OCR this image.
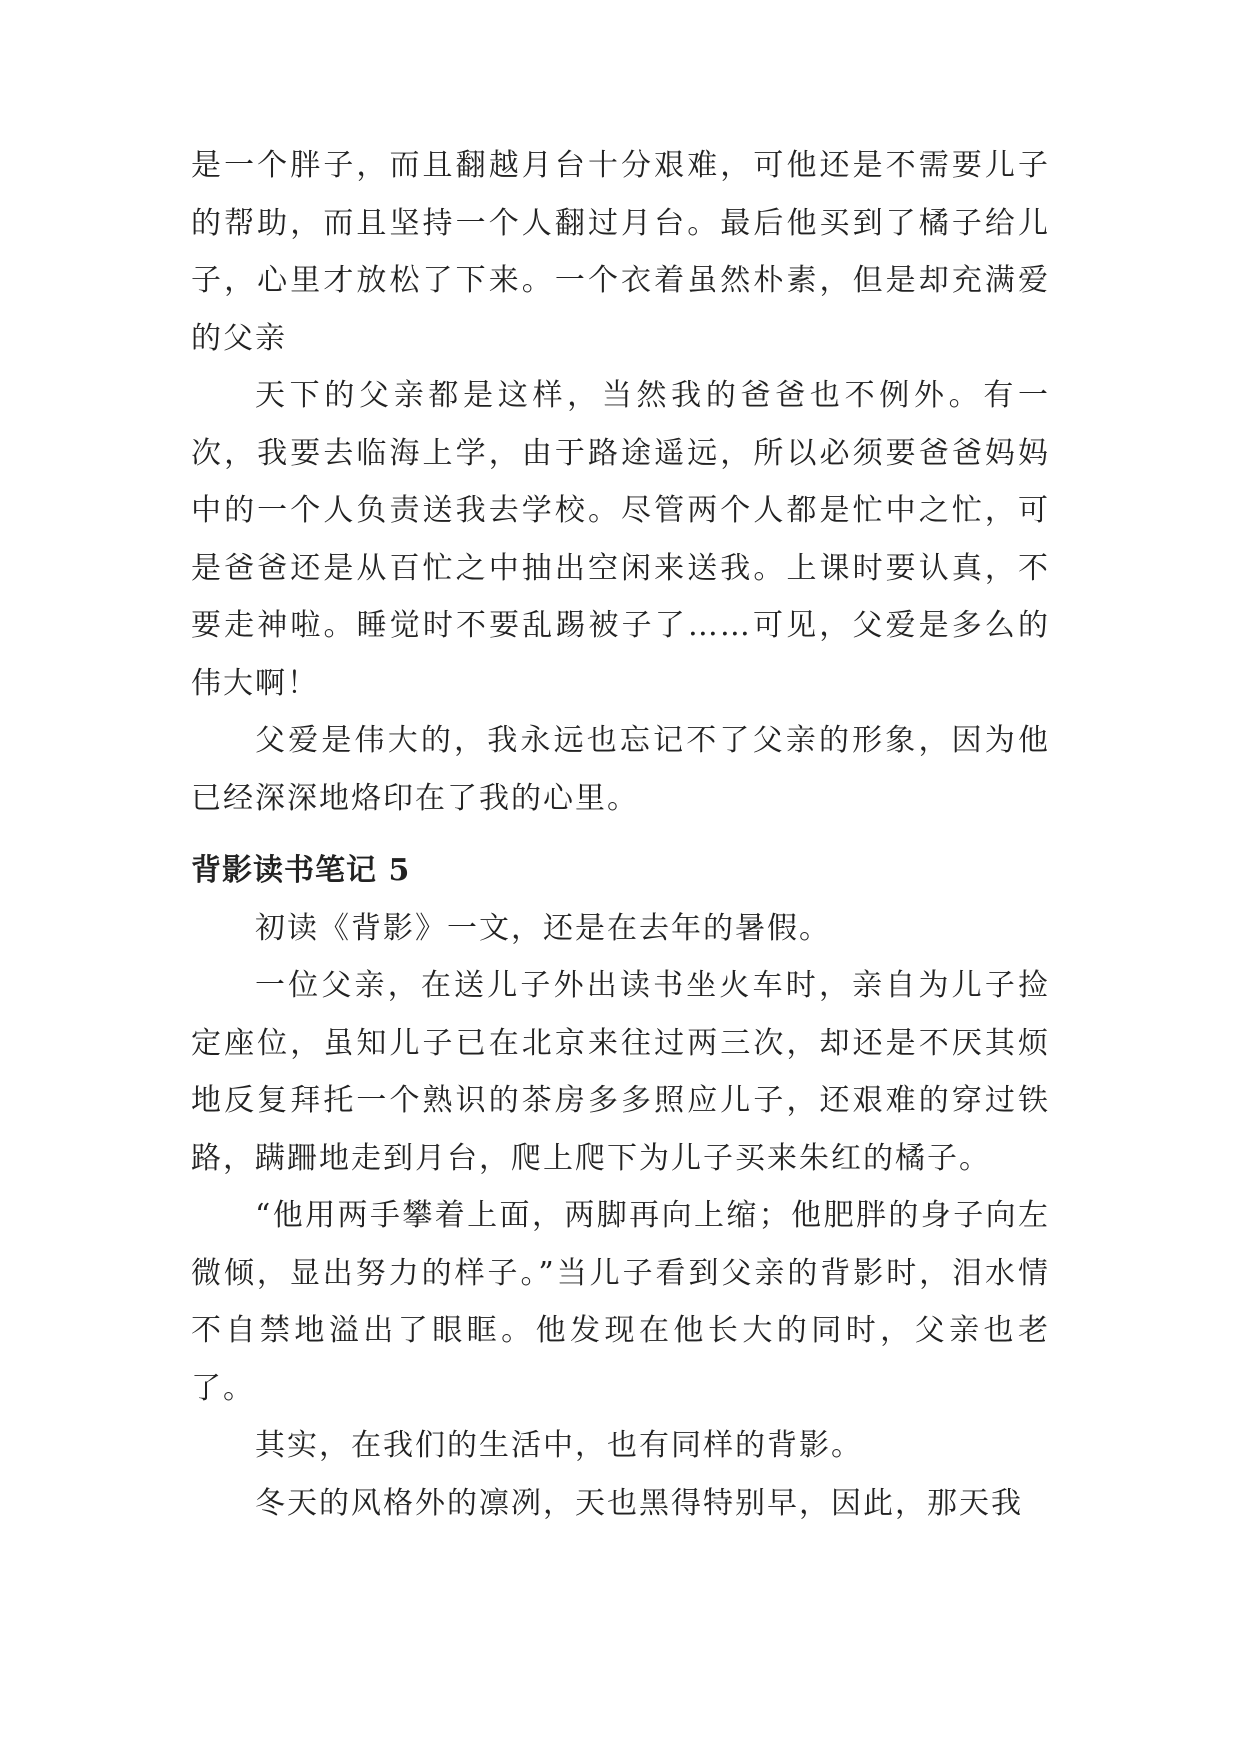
是一个胖子，而且翻越月台十分艰难，可他还是不需要儿子的帮助，而且坚持一个人翻过月台。最后他买到了橘子给儿子，心里才放松了下来。一个衣着虽然朴素，但是却充满爱的父亲

天下的父亲都是这样，当然我的爸爸也不例外。有一次，我要去临海上学，由于路途遥远，所以必须要爸爸妈妈中的一个人负责送我去学校。尽管两个人都是忙中之忙，可是爸爸还是从百忙之中抽出空闲来送我。上课时要认真，不要走神啦。睡觉时不要乱踢被子了……可见，父爱是多么的伟大啊！

父爱是伟大的，我永远也忘记不了父亲的形象，因为他已经深深地烙印在了我的心里。

背影读书笔记 5

初读《背影》一文，还是在去年的暑假。

一位父亲，在送儿子外出读书坐火车时，亲自为儿子捡定座位，虽知儿子已在北京来往过两三次，却还是不厌其烦地反复拜托一个熟识的茶房多多照应儿子，还艰难的穿过铁路，蹒跚地走到月台，爬上爬下为儿子买来朱红的橘子。

“他用两手攀着上面，两脚再向上缩；他肥胖的身子向左微倾，显出努力的样子。”当儿子看到父亲的背影时，泪水情不自禁地溢出了眼眶。他发现在他长大的同时，父亲也老了。

其实，在我们的生活中，也有同样的背影。

冬天的风格外的凛冽，天也黑得特别早，因此，那天我
